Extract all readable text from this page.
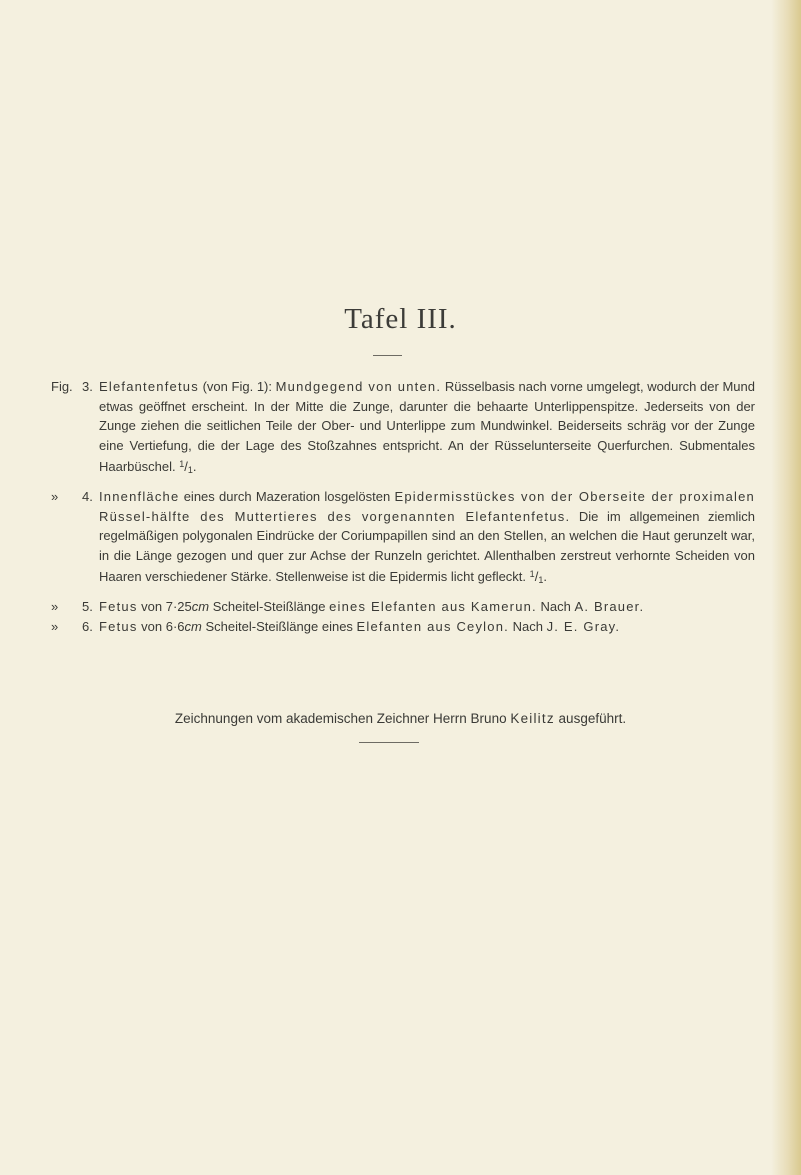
Tafel III.
Fig. 3. Elefantenfetus (von Fig. 1): Mundgegend von unten. Rüsselbasis nach vorne umgelegt, wodurch der Mund etwas geöffnet erscheint. In der Mitte die Zunge, darunter die behaarte Unterlippenspitze. Jederseits von der Zunge ziehen die seitlichen Teile der Ober- und Unterlippe zum Mundwinkel. Beiderseits schräg vor der Zunge eine Vertiefung, die der Lage des Stoßzahnes entspricht. An der Rüsselunterseite Querfurchen. Submentales Haarbüschel. $^1/_1$.
»	4. Innenfläche eines durch Mazeration losgelösten Epidermisstückes von der Oberseite der proximalen Rüssel-hälfte des Muttertieres des vorgenannten Elefantenfetus. Die im allgemeinen ziemlich regelmäßigen polygonalen Eindrücke der Coriumpapillen sind an den Stellen, an welchen die Haut gerunzelt war, in die Länge gezogen und quer zur Achse der Runzeln gerichtet. Allenthalben zerstreut verhornte Scheiden von Haaren verschiedener Stärke. Stellenweise ist die Epidermis licht gefleckt. $^1/_1$.
»	5. Fetus von 7·25cm Scheitel-Steißlänge eines Elefanten aus Kamerun. Nach A. Brauer.
»	6. Fetus von 6·6cm Scheitel-Steißlänge eines Elefanten aus Ceylon. Nach J. E. Gray.
Zeichnungen vom akademischen Zeichner Herrn Bruno Keilitz ausgeführt.
